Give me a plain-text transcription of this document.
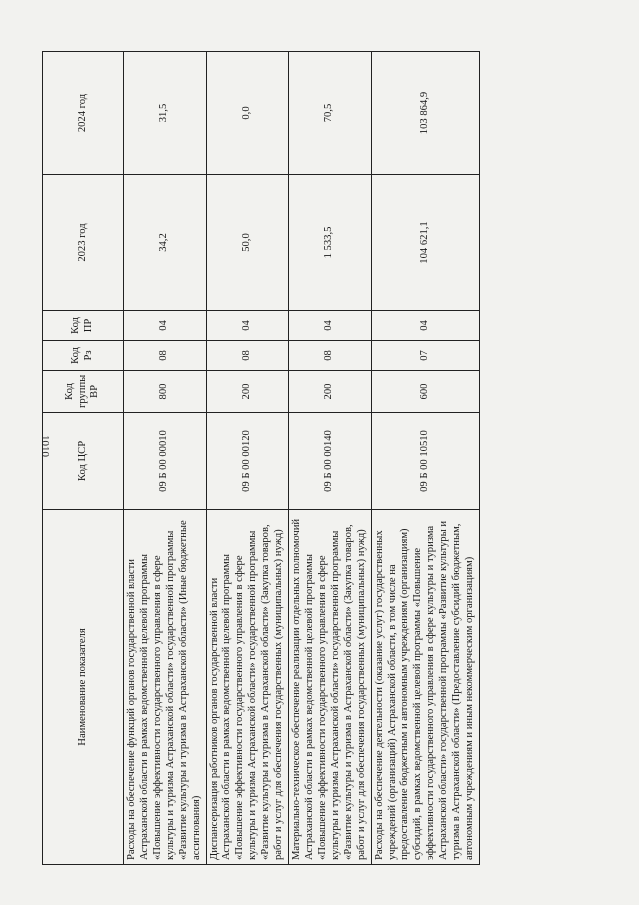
1010
Наименование показателя	Код ЦСР	Код группы ВР	Код Рз	Код ПР	2023 год	2024 год
Расходы на обеспечение функций органов государственной власти Астраханской области в рамках ведомственной целевой программы «Повышение эффективности государственного управления в сфере культуры и туризма Астраханской области» государственной программы «Развитие культуры и туризма в Астраханской области» (Иные бюджетные ассигнования)	09 Б 00 00010	800	08	04	34,2	31,5
Диспансеризация работников органов государственной власти Астраханской области в рамках ведомственной целевой программы «Повышение эффективности государственного управления в сфере культуры и туризма Астраханской области» государственной программы «Развитие культуры и туризма в Астраханской области» (Закупка товаров, работ и услуг для обеспечения государственных (муниципальных) нужд)	09 Б 00 00120	200	08	04	50,0	0,0
Материально-техническое обеспечение реализации отдельных полномочий Астраханской области в рамках ведомственной целевой программы «Повышение эффективности государственного управления в сфере культуры и туризма Астраханской области» государственной программы «Развитие культуры и туризма в Астраханской области» (Закупка товаров, работ и услуг для обеспечения государственных (муниципальных) нужд)	09 Б 00 00140	200	08	04	1 533,5	70,5
Расходы на обеспечение деятельности (оказание услуг) государственных учреждений (организаций) Астраханской области, в том числе на предоставление бюджетным и автономным учреждениям (организациям) субсидий, в рамках ведомственной целевой программы «Повышение эффективности государственного управления в сфере культуры и туризма Астраханской области» государственной программы «Развитие культуры и туризма в Астраханской области» (Предоставление субсидий бюджетным, автономным учреждениям и иным некоммерческим организациям)	09 Б 00 10510	600	07	04	104 621,1	103 864,9
